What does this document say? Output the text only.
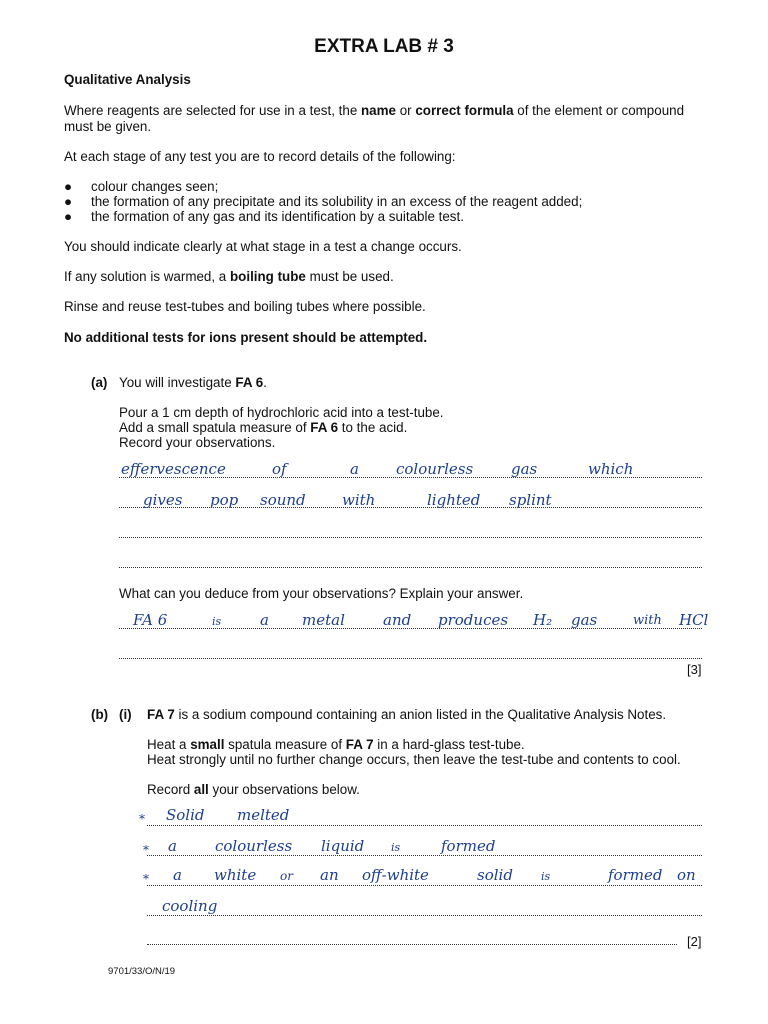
EXTRA LAB # 3
Qualitative Analysis
Where reagents are selected for use in a test, the name or correct formula of the element or compound must be given.
At each stage of any test you are to record details of the following:
● colour changes seen;
● the formation of any precipitate and its solubility in an excess of the reagent added;
● the formation of any gas and its identification by a suitable test.
You should indicate clearly at what stage in a test a change occurs.
If any solution is warmed, a boiling tube must be used.
Rinse and reuse test-tubes and boiling tubes where possible.
No additional tests for ions present should be attempted.
(a) You will investigate FA 6.
Pour a 1 cm depth of hydrochloric acid into a test-tube.
Add a small spatula measure of FA 6 to the acid.
Record your observations.
effervescence	of	a colourless	gas	which
gives pop sound with	lighted splint
What can you deduce from your observations? Explain your answer.
FA 6	is	a metal	and produces H₂ gas	with HCl
[3]
(b) (i) FA 7 is a sodium compound containing an anion listed in the Qualitative Analysis Notes.
Heat a small spatula measure of FA 7 in a hard-glass test-tube.
Heat strongly until no further change occurs, then leave the test-tube and contents to cool.
Record all your observations below.
* Solid melted
* a	colourless liquid is	formed
* a white or an off-white	solid	is	formed on
cooling
[2]
9701/33/O/N/19
